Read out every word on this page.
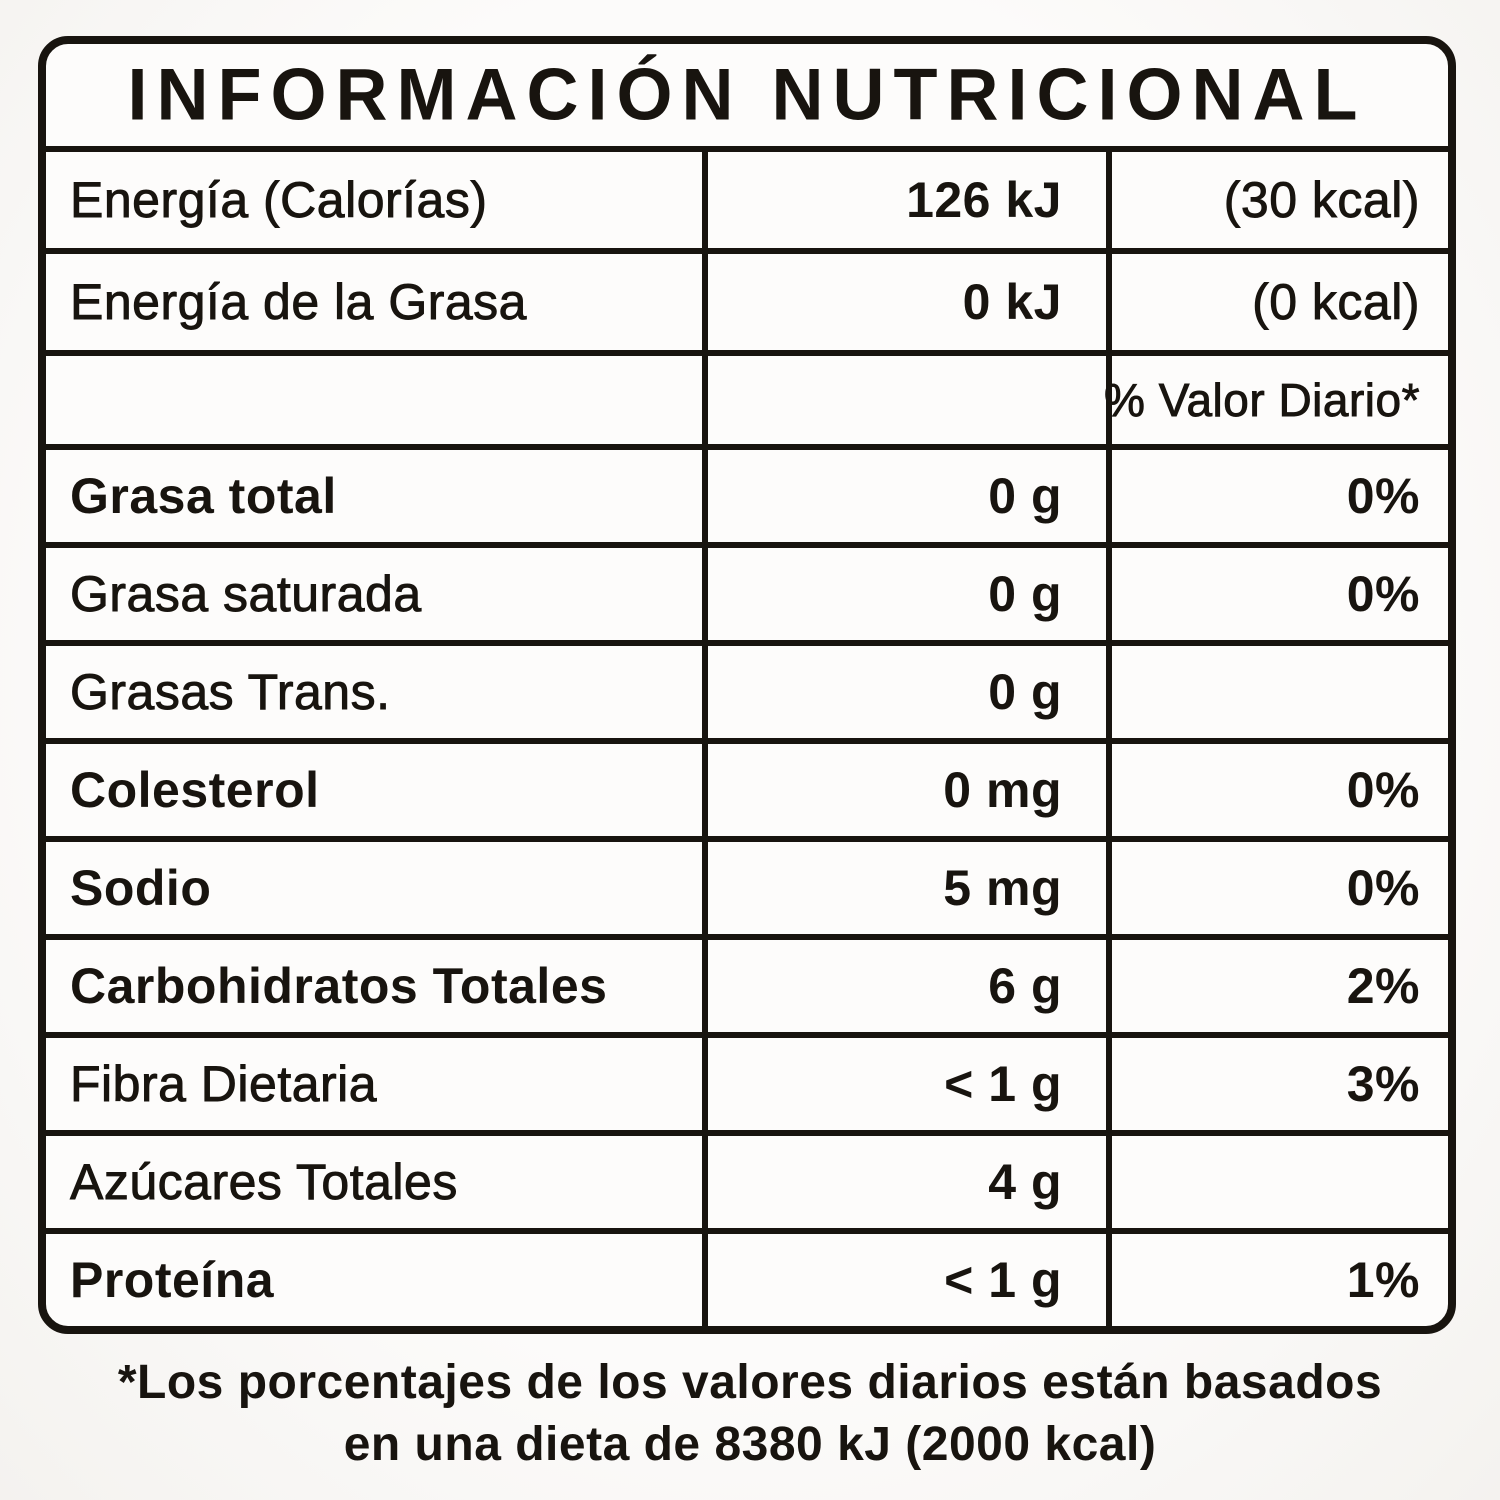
INFORMACIÓN NUTRICIONAL
Energía (Calorías)	126 kJ	(30 kcal)
Energía de la Grasa	0 kJ	(0 kcal)
% Valor Diario*
Grasa total	0 g	0%
Grasa saturada	0 g	0%
Grasas Trans.	0 g
Colesterol	0 mg	0%
Sodio	5 mg	0%
Carbohidratos Totales	6 g	2%
Fibra Dietaria	< 1 g	3%
Azúcares Totales	4 g
Proteína	< 1 g	1%
*Los porcentajes de los valores diarios están basados
en una dieta de 8380 kJ (2000 kcal)
